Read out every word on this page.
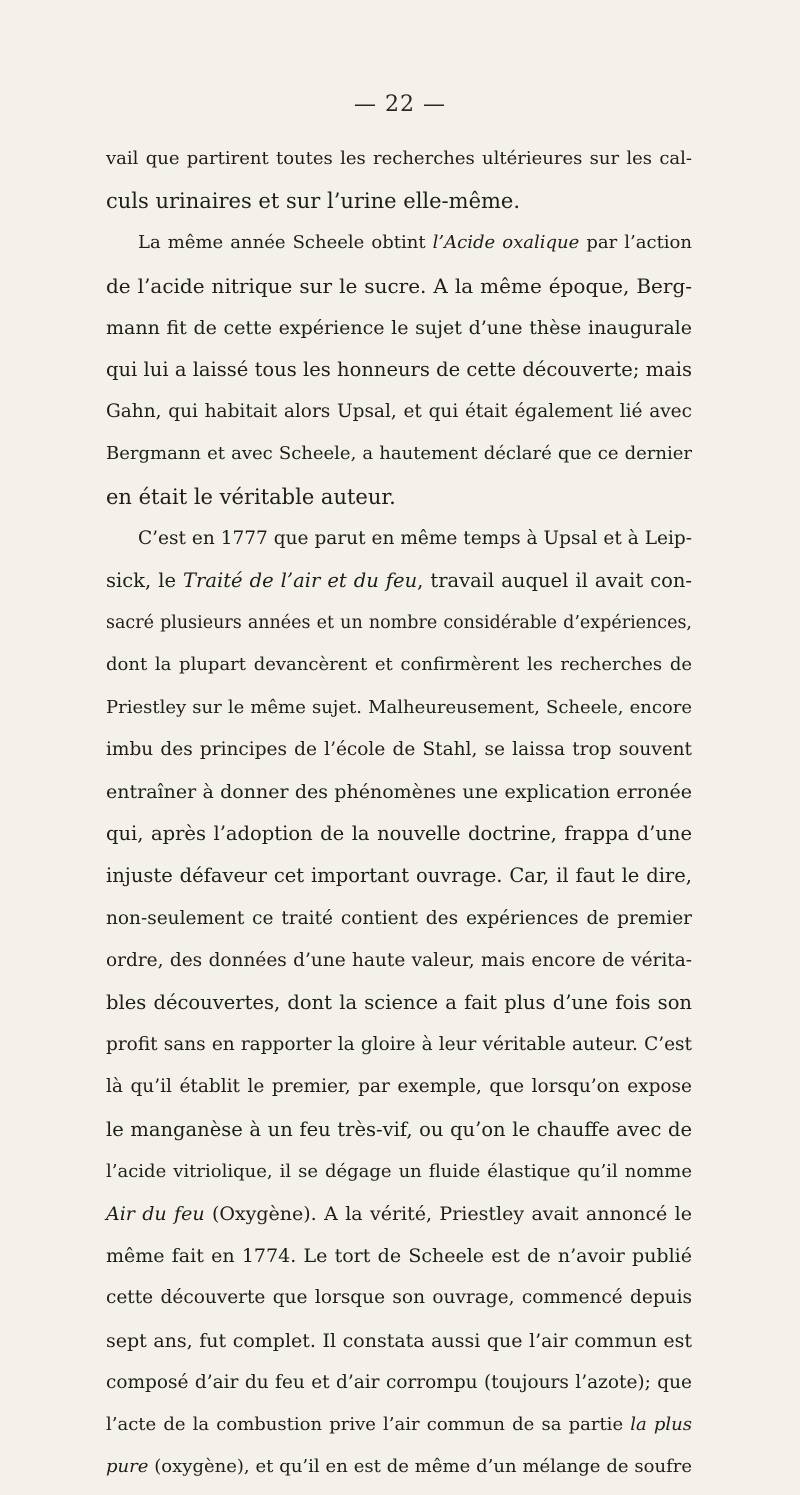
— 22 —
vail que partirent toutes les recherches ultérieures sur les cal-
culs urinaires et sur l’urine elle-même.
La même année Scheele obtint l’Acide oxalique par l’action
de l’acide nitrique sur le sucre. A la même époque, Berg-
mann fit de cette expérience le sujet d’une thèse inaugurale
qui lui a laissé tous les honneurs de cette découverte; mais
Gahn, qui habitait alors Upsal, et qui était également lié avec
Bergmann et avec Scheele, a hautement déclaré que ce dernier
en était le véritable auteur.
C’est en 1777 que parut en même temps à Upsal et à Leip-
sick, le Traité de l’air et du feu, travail auquel il avait con-
sacré plusieurs années et un nombre considérable d’expériences,
dont la plupart devancèrent et confirmèrent les recherches de
Priestley sur le même sujet. Malheureusement, Scheele, encore
imbu des principes de l’école de Stahl, se laissa trop souvent
entraîner à donner des phénomènes une explication erronée
qui, après l’adoption de la nouvelle doctrine, frappa d’une
injuste défaveur cet important ouvrage. Car, il faut le dire,
non-seulement ce traité contient des expériences de premier
ordre, des données d’une haute valeur, mais encore de vérita-
bles découvertes, dont la science a fait plus d’une fois son
profit sans en rapporter la gloire à leur véritable auteur. C’est
là qu’il établit le premier, par exemple, que lorsqu’on expose
le manganèse à un feu très-vif, ou qu’on le chauffe avec de
l’acide vitriolique, il se dégage un fluide élastique qu’il nomme
Air du feu (Oxygène). A la vérité, Priestley avait annoncé le
même fait en 1774. Le tort de Scheele est de n’avoir publié
cette découverte que lorsque son ouvrage, commencé depuis
sept ans, fut complet. Il constata aussi que l’air commun est
composé d’air du feu et d’air corrompu (toujours l’azote); que
l’acte de la combustion prive l’air commun de sa partie la plus
pure (oxygène), et qu’il en est de même d’un mélange de soufre
